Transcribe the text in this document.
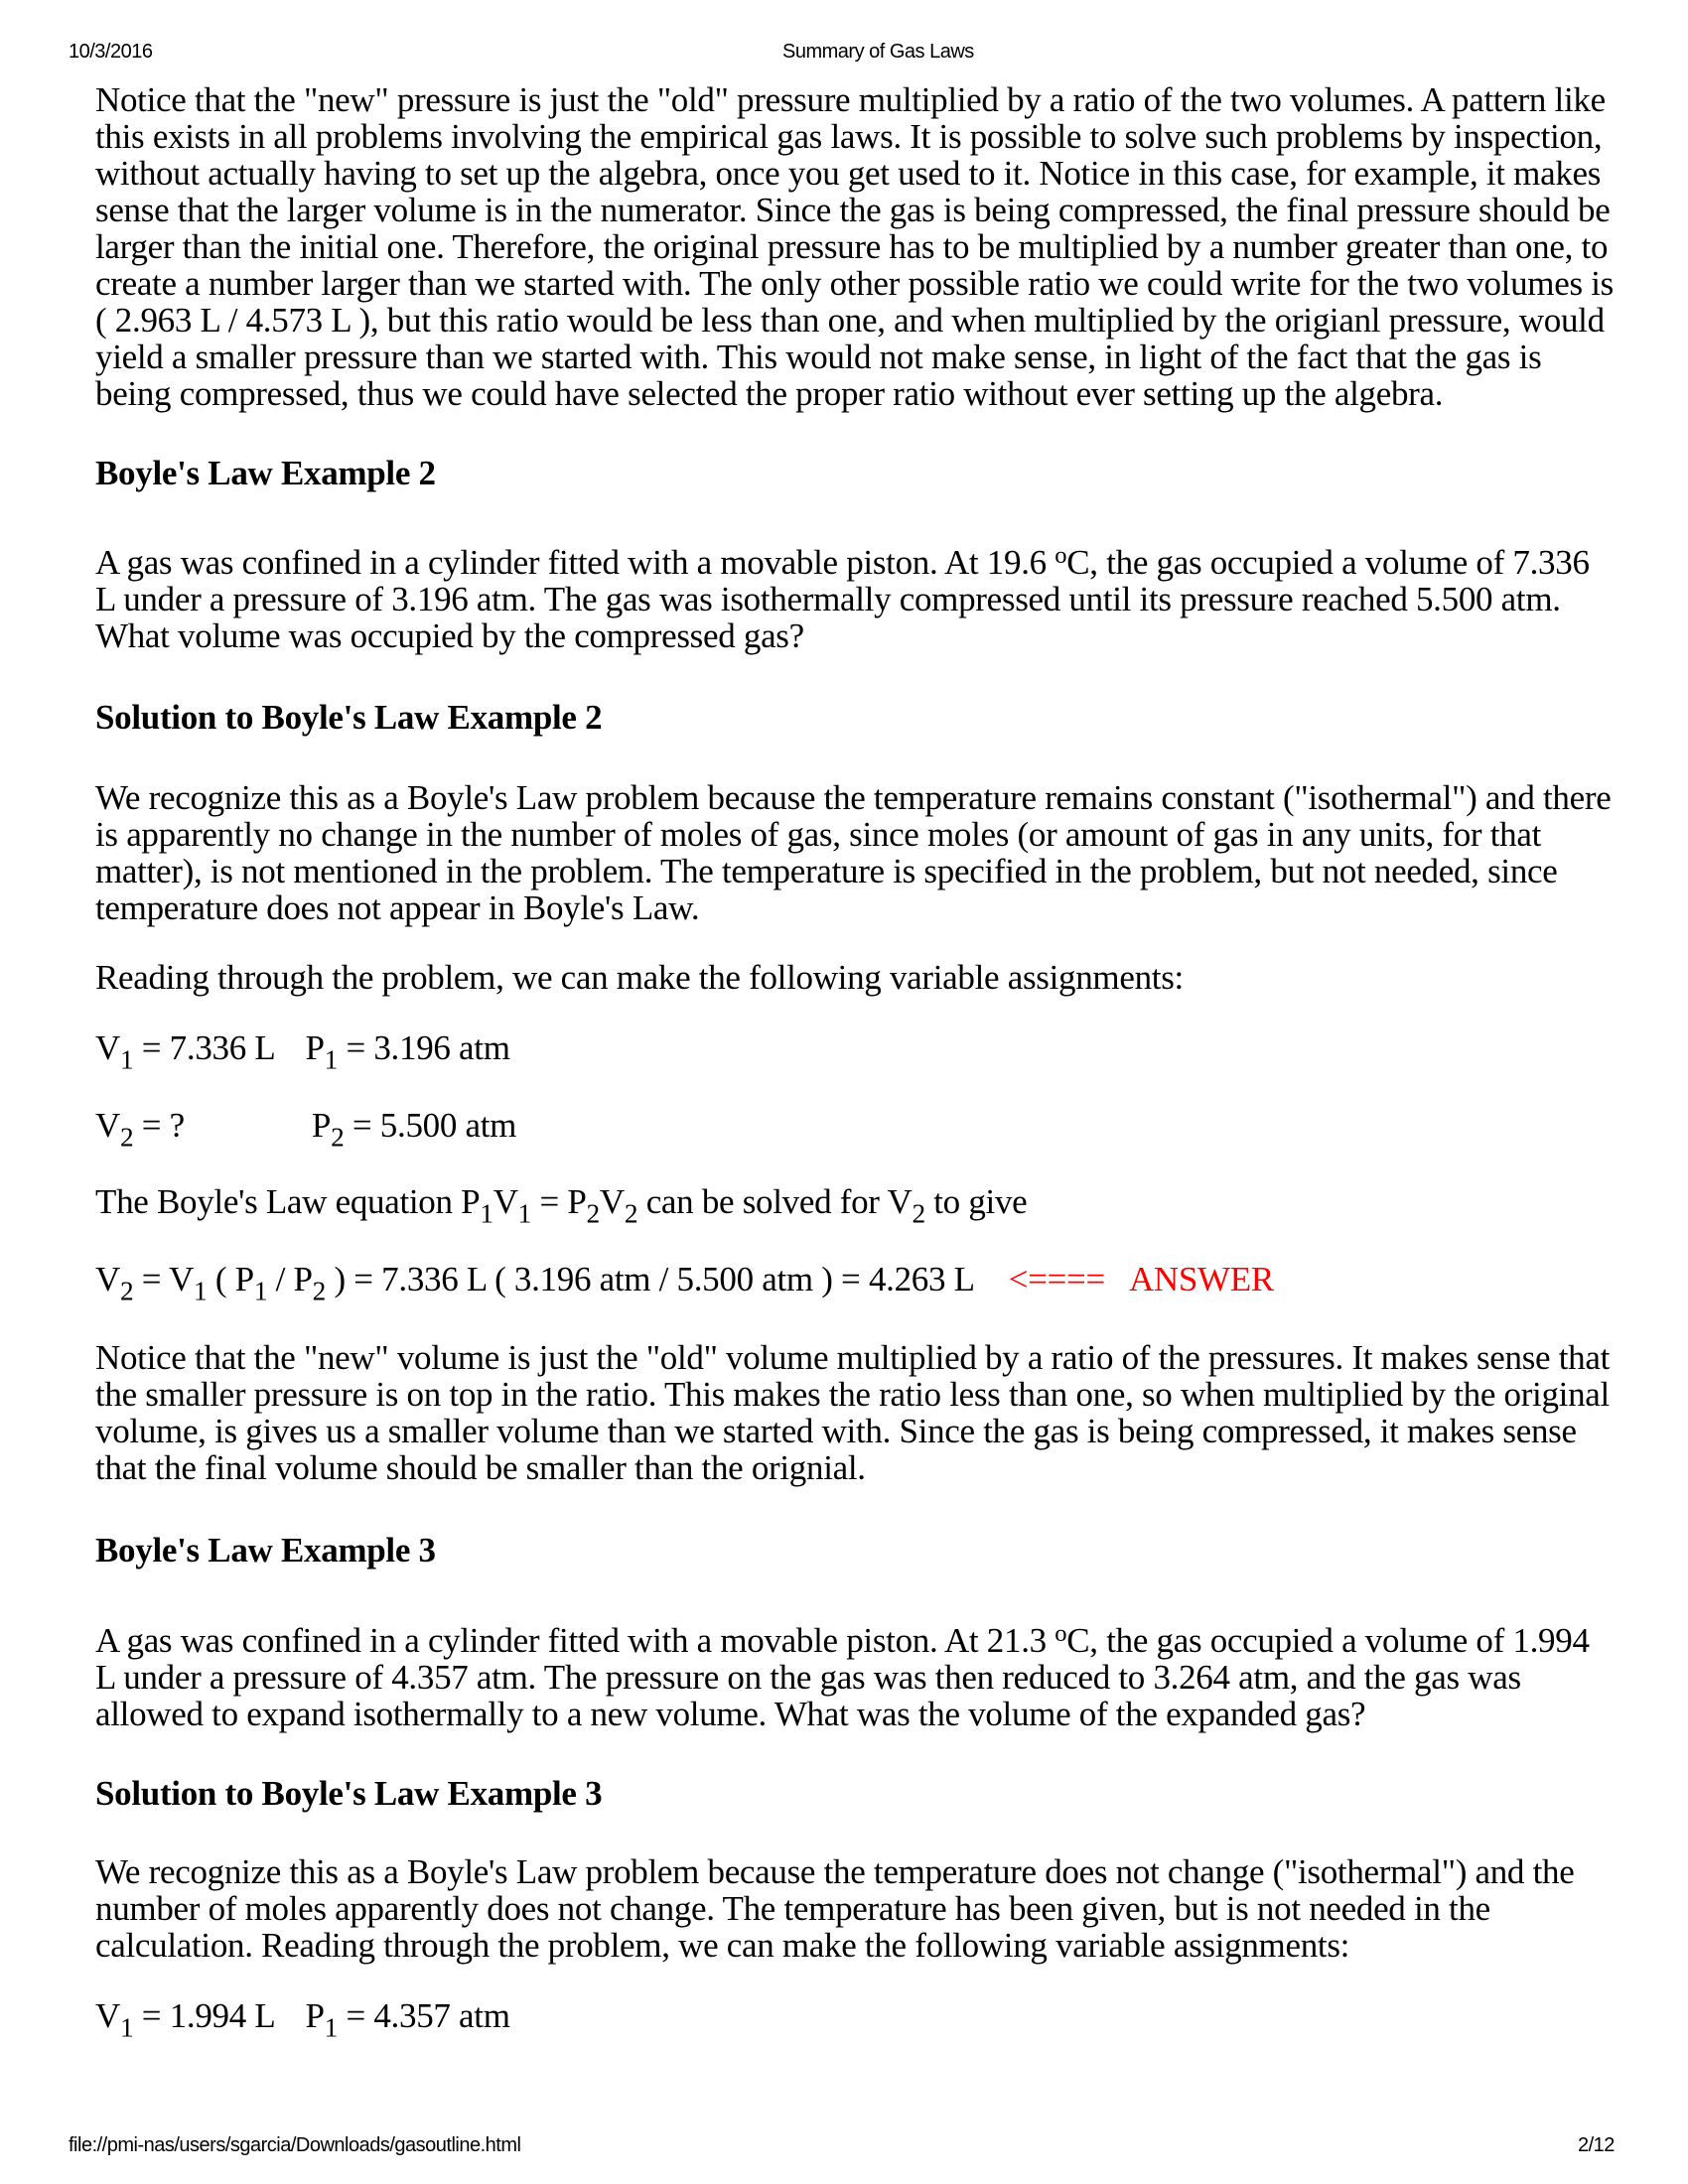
10/3/2016	Summary of Gas Laws
Notice that the "new" pressure is just the "old" pressure multiplied by a ratio of the two volumes. A pattern like
this exists in all problems involving the empirical gas laws. It is possible to solve such problems by inspection,
without actually having to set up the algebra, once you get used to it. Notice in this case, for example, it makes
sense that the larger volume is in the numerator. Since the gas is being compressed, the final pressure should be
larger than the initial one. Therefore, the original pressure has to be multiplied by a number greater than one, to
create a number larger than we started with. The only other possible ratio we could write for the two volumes is
( 2.963 L / 4.573 L ), but this ratio would be less than one, and when multiplied by the origianl pressure, would
yield a smaller pressure than we started with. This would not make sense, in light of the fact that the gas is
being compressed, thus we could have selected the proper ratio without ever setting up the algebra.
Boyle's Law Example 2
A gas was confined in a cylinder fitted with a movable piston. At 19.6 $^o$C, the gas occupied a volume of 7.336
L under a pressure of 3.196 atm. The gas was isothermally compressed until its pressure reached 5.500 atm.
What volume was occupied by the compressed gas?
Solution to Boyle's Law Example 2
We recognize this as a Boyle's Law problem because the temperature remains constant ("isothermal") and there
is apparently no change in the number of moles of gas, since moles (or amount of gas in any units, for that
matter), is not mentioned in the problem. The temperature is specified in the problem, but not needed, since
temperature does not appear in Boyle's Law.
Reading through the problem, we can make the following variable assignments:
$V_1 = 7.336$ L $P_1 = 3.196$ atm
$V_2$ = ?	$P_2 = 5.500$ atm
The Boyle's Law equation $P_1V_1 = P_2V_2$ can be solved for $V_2$ to give
$V_2 = V_1$ ( $P_1 / P_2$ ) = 7.336 L ( 3.196 atm / 5.500 atm ) = 4.263 L <==== ANSWER
Notice that the "new" volume is just the "old" volume multiplied by a ratio of the pressures. It makes sense that
the smaller pressure is on top in the ratio. This makes the ratio less than one, so when multiplied by the original
volume, is gives us a smaller volume than we started with. Since the gas is being compressed, it makes sense
that the final volume should be smaller than the orignial.
Boyle's Law Example 3
A gas was confined in a cylinder fitted with a movable piston. At 21.3 $^o$C, the gas occupied a volume of 1.994
L under a pressure of 4.357 atm. The pressure on the gas was then reduced to 3.264 atm, and the gas was
allowed to expand isothermally to a new volume. What was the volume of the expanded gas?
Solution to Boyle's Law Example 3
We recognize this as a Boyle's Law problem because the temperature does not change ("isothermal") and the
number of moles apparently does not change. The temperature has been given, but is not needed in the
calculation. Reading through the problem, we can make the following variable assignments:
$V_1 = 1.994$ L $P_1 = 4.357$ atm
file://pmi-nas/users/sgarcia/Downloads/gasoutline.html	2/12
